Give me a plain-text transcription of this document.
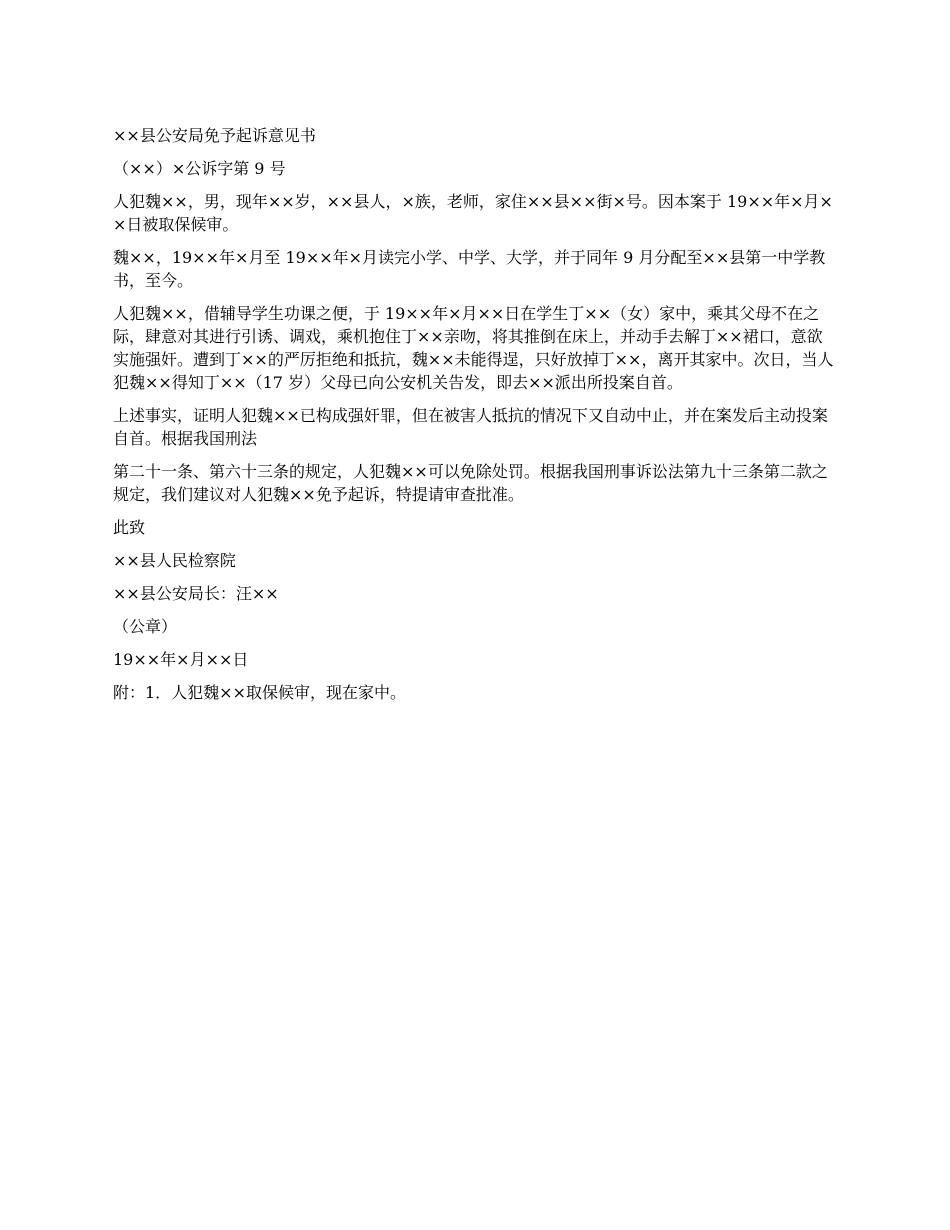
××县公安局免予起诉意见书

（××）×公诉字第 9 号

人犯魏××，男，现年××岁，××县人，×族，老师，家住××县××街×号。因本案于 19××年×月××日被取保候审。

魏××，19××年×月至 19××年×月读完小学、中学、大学，并于同年 9 月分配至××县第一中学教书，至今。

人犯魏××，借辅导学生功课之便，于 19××年×月××日在学生丁××（女）家中，乘其父母不在之际，肆意对其进行引诱、调戏，乘机抱住丁××亲吻，将其推倒在床上，并动手去解丁××裙口，意欲实施强奸。遭到丁××的严厉拒绝和抵抗，魏××未能得逞，只好放掉丁××，离开其家中。次日，当人犯魏××得知丁××（17 岁）父母已向公安机关告发，即去××派出所投案自首。

上述事实，证明人犯魏××已构成强奸罪，但在被害人抵抗的情况下又自动中止，并在案发后主动投案自首。根据我国刑法

第二十一条、第六十三条的规定，人犯魏××可以免除处罚。根据我国刑事诉讼法第九十三条第二款之规定，我们建议对人犯魏××免予起诉，特提请审查批准。

此致

××县人民检察院

××县公安局长：汪××

（公章）

19××年×月××日

附：1．人犯魏××取保候审，现在家中。
